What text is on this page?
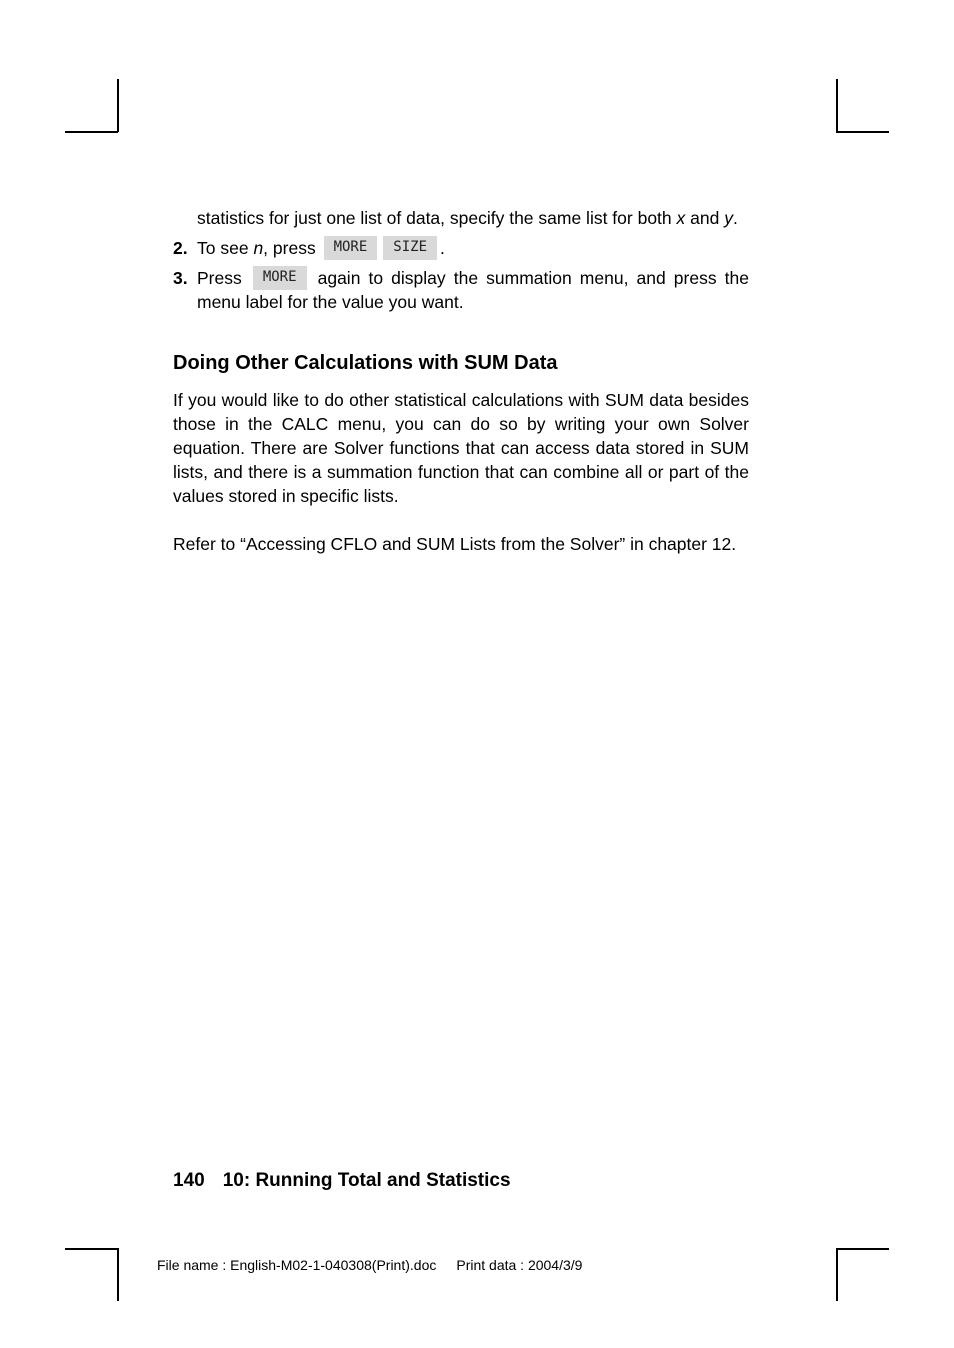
statistics for just one list of data, specify the same list for both x and y.
2. To see n, press MORE SIZE .
3. Press MORE again to display the summation menu, and press the menu label for the value you want.
Doing Other Calculations with SUM Data
If you would like to do other statistical calculations with SUM data besides those in the CALC menu, you can do so by writing your own Solver equation. There are Solver functions that can access data stored in SUM lists, and there is a summation function that can combine all or part of the values stored in specific lists.
Refer to “Accessing CFLO and SUM Lists from the Solver” in chapter 12.
140 10: Running Total and Statistics
File name : English-M02-1-040308(Print).doc Print data : 2004/3/9
